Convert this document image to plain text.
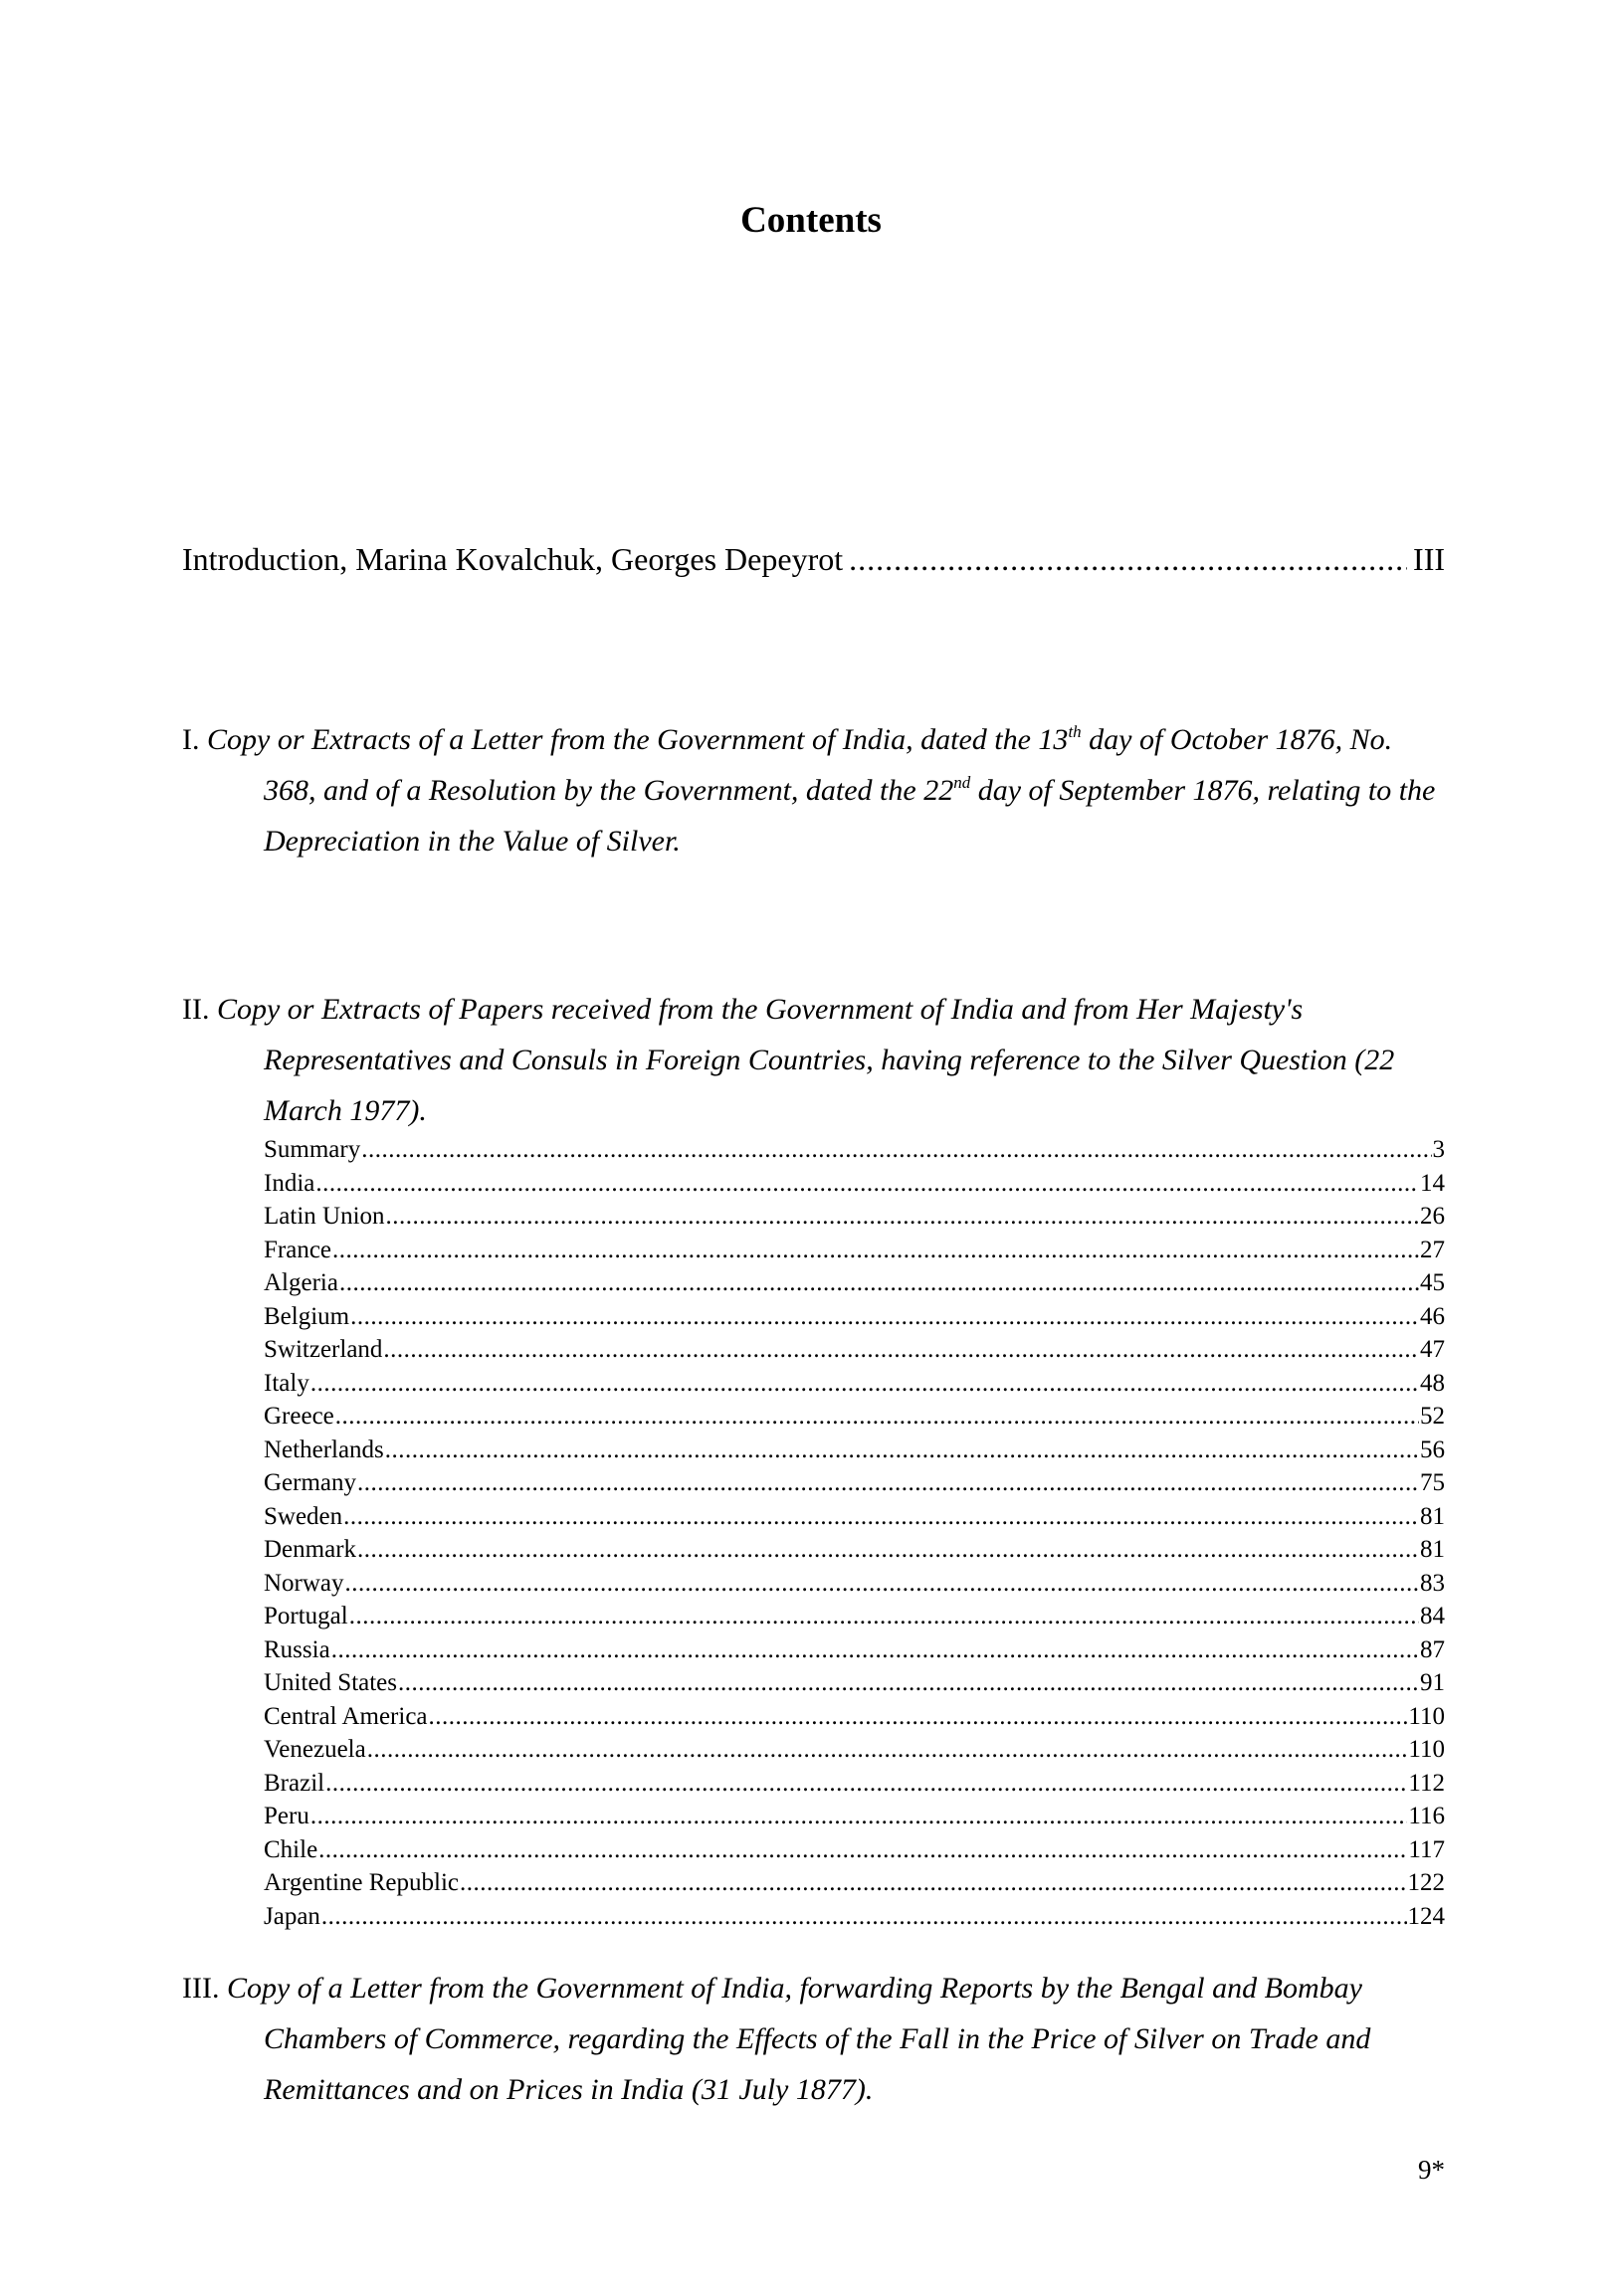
Contents
Introduction, Marina Kovalchuk, Georges Depeyrot .....	III
I. Copy or Extracts of a Letter from the Government of India, dated the 13th day of October 1876, No. 368, and of a Resolution by the Government, dated the 22nd day of September 1876, relating to the Depreciation in the Value of Silver.
II. Copy or Extracts of Papers received from the Government of India and from Her Majesty's Representatives and Consuls in Foreign Countries, having reference to the Silver Question (22 March 1977).
Summary .....	3
India .....	14
Latin Union .....	26
France .....	27
Algeria .....	45
Belgium .....	46
Switzerland .....	47
Italy .....	48
Greece .....	52
Netherlands .....	56
Germany .....	75
Sweden .....	81
Denmark .....	81
Norway .....	83
Portugal .....	84
Russia .....	87
United States .....	91
Central America .....	110
Venezuela .....	110
Brazil .....	112
Peru .....	116
Chile .....	117
Argentine Republic .....	122
Japan .....	124
III. Copy of a Letter from the Government of India, forwarding Reports by the Bengal and Bombay Chambers of Commerce, regarding the Effects of the Fall in the Price of Silver on Trade and Remittances and on Prices in India (31 July 1877).
9*
